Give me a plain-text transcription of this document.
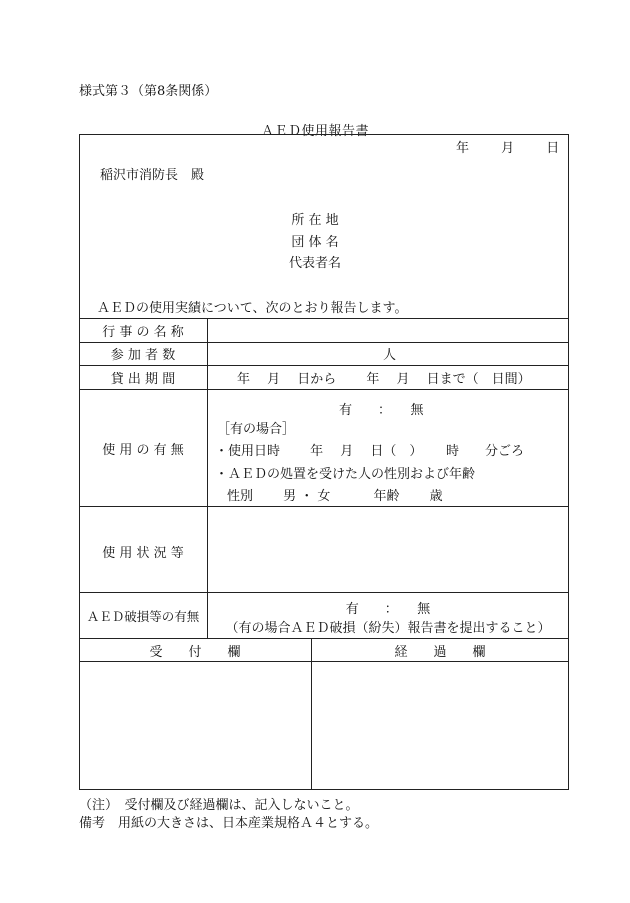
様式第３（第8条関係）
ＡＥＤ使用報告書
年 月 日
稲沢市消防長　殿
所 在 地
団 体 名
代表者名
ＡＥＤの使用実績について、次のとおり報告します。
行 事 の 名 称
参 加 者 数
貸 出 期 間
使 用 の 有 無
使 用 状 況 等
ＡＥＤ破損等の有無
人
年　 月　 日から　　 年　 月　 日まで（　日間）
有　　：　　無
［有の場合］
・使用日時　　 年　 月　 日（　）　　 時　　分ごろ
・ＡＥＤの処置を受けた人の性別および年齢
性別　　 男 ・ 女　　　 年齢　　 歳
有　　：　　無
（有の場合ＡＥＤ破損（紛失）報告書を提出すること）
受　　付　　欄	経　　過　　欄
（注）　受付欄及び経過欄は、記入しないこと。
備考　用紙の大きさは、日本産業規格Ａ４とする。
